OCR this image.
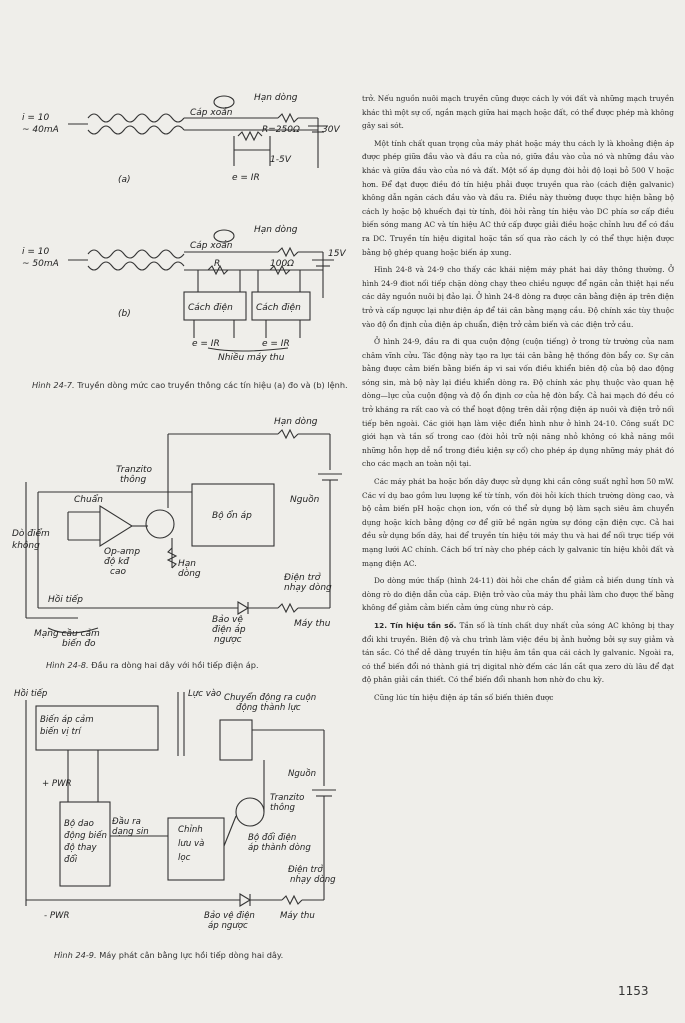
i = 10
~ 40mA
Cáp xoắn
Hạn dòng
R=250Ω 30V
1-5V
e = IR
(a)
i = 10
~ 50mA
Cáp xoắn
Hạn dòng
15V
R	100Ω
Cách điện	Cách điện
e = IR	e = IR
Nhiều máy thu
(b)
Hình 24-7. Truyền dòng mức cao truyền thông các tín hiệu (a) đo và (b) lệnh.
Hạn dòng
Tranzito
thông
Chuẩn
Op-amp
độ kđ
cao
Hạn
dòng
Bộ ổn áp
Nguồn
Dò điểm
không
Điện trở
nhạy dòng
Hồi tiếp
Bảo vệ
điện áp
ngược
Máy thu
Mạng cầu cảm
biến đo
Hình 24-8. Đầu ra dòng hai dây với hồi tiếp điện áp.
Hồi tiếp	Lực vào Chuyển động ra cuộn
động thành lực
Biến áp cảm
biến vị trí
+ PWR
- PWR
Bộ dao
động biến
độ thay
đổi
Đầu ra
dạng sin	Chỉnh
lưu và
lọc
Tranzito
thông
Bộ đổi điện
áp thành dòng
Nguồn
Điện trở
nhạy dòng
Bảo vệ điện
áp ngược
Máy thu
Hình 24-9. Máy phát cân bằng lực hồi tiếp dòng hai dây.

trở. Nếu nguồn nuôi mạch truyền cũng được cách ly với đất và những mạch truyền khác thì một sự cố, ngắn mạch giữa hai mạch hoặc đất, có thể được phép mà không gây sai sót.

Một tính chất quan trọng của máy phát hoặc máy thu cách ly là khoảng điện áp được phép giữa đầu vào và đầu ra của nó, giữa đầu vào của nó và những đầu vào khác và giữa đầu vào của nó và đất. Một số áp dụng đòi hỏi độ loại bỏ 500 V hoặc hơn. Để đạt được điều đó tín hiệu phải được truyền qua rào (cách điện galvanic) không dẫn ngăn cách đầu vào và đầu ra. Điều này thường được thực hiện bằng bộ cách ly hoặc bộ khuếch đại từ tính, đòi hỏi rằng tín hiệu vào DC phía sơ cấp điều biến sóng mang AC và tín hiệu AC thứ cấp được giải điều hoặc chỉnh lưu để có đầu ra DC. Truyền tín hiệu digital hoặc tần số qua rào cách ly có thể thực hiện được bằng bộ ghép quang hoặc biến áp xung.

Hình 24-8 và 24-9 cho thấy các khái niệm máy phát hai dây thông thường. Ở hình 24-9 điot nối tiếp chặn dòng chạy theo chiều ngược để ngăn cản thiệt hại nếu các dây nguồn nuôi bị đảo lại. Ở hình 24-8 dòng ra được cân bằng điện áp trên điện trở và cấp ngược lại như điện áp để tái cân bằng mạng cầu. Độ chính xác tùy thuộc vào độ ổn định của điện áp chuẩn, điện trở cảm biến và các điện trở cầu.

Ở hình 24-9, đầu ra đi qua cuộn động (cuộn tiếng) ở trong từ trường của nam châm vĩnh cửu. Tác động này tạo ra lực tái cân bằng hệ thống đòn bẩy cơ. Sự cân bằng được cảm biến bằng biến áp vi sai vốn điều khiển biên độ của bộ dao động sóng sin, mà bộ này lại điều khiển dòng ra. Độ chính xác phụ thuộc vào quan hệ dòng—lực của cuộn động và độ ổn định cơ của hệ đòn bẩy. Cả hai mạch đó đều có trở kháng ra rất cao và có thể hoạt động trên dải rộng điện áp nuôi và điện trở nối tiếp bên ngoài. Các giới hạn làm việc điển hình như ở hình 24-10. Công suất DC giới hạn và tần số trong cao (đòi hỏi trữ nội năng nhỏ không có khả năng mồi những hỗn hợp dễ nổ trong điều kiện sự cố) cho phép áp dụng những máy phát đó cho các mạch an toàn nội tại.

Các máy phát ba hoặc bốn dây được sử dụng khi cần công suất nghỉ hơn 50 mW. Các ví dụ bao gồm lưu lượng kế từ tính, vốn đòi hỏi kích thích trường dòng cao, và bộ cảm biến pH hoặc chọn ion, vốn có thể sử dụng bộ làm sạch siêu âm chuyển dụng hoặc kích bằng động cơ để giữ bề ngăn ngừa sự đóng cặn điện cực. Cả hai đều sử dụng bốn dây, hai để truyền tín hiệu tới máy thu và hai để nối trực tiếp với mạng lưới AC chính. Cách bố trí này cho phép cách ly galvanic tín hiệu khỏi đất và mạng điện AC.

Do dòng mức thấp (hình 24-11) đòi hỏi che chắn để giảm cả biến dung tính và dòng rò do điện dẫn của cáp. Điện trở vào của máy thu phải làm cho được thế bằng không để giảm cảm biến cảm ứng cùng như rò cáp.

12. Tín hiệu tần số. Tần số là tính chất duy nhất của sóng AC không bị thay đổi khi truyền. Biên độ và chu trình làm việc đều bị ảnh hưởng bởi sự suy giảm và tán sắc. Có thể dễ dàng truyền tín hiệu âm tần qua cái cách ly galvanic. Ngoài ra, có thể biến đổi nó thành giá trị digital nhờ đếm các lần cắt qua zero dù lâu để đạt độ phân giải cần thiết. Có thể biến đổi nhanh hơn nhờ đo chu kỳ.

Cũng lúc tín hiệu điện áp tần số biến thiên được

1153
